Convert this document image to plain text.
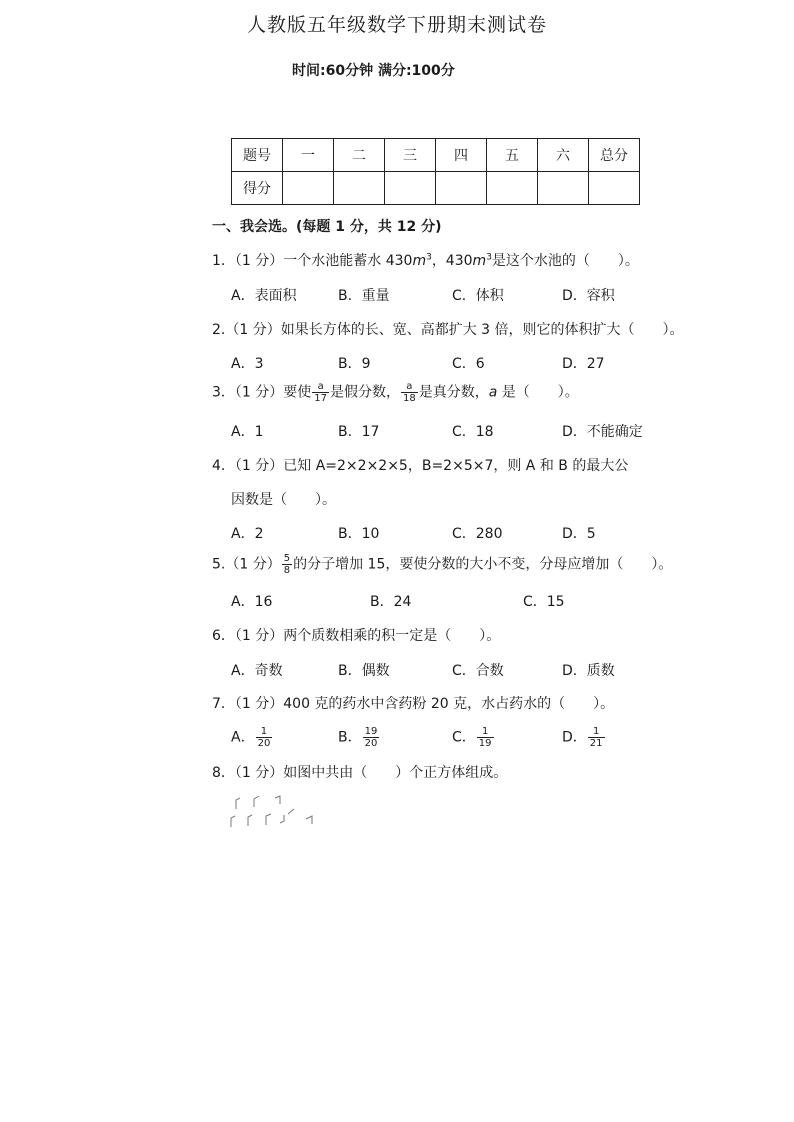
人教版五年级数学下册期末测试卷
时间:60分钟 满分:100分
题号	一	二	三	四	五	六	总分
得分							
一、我会选。(每题 1 分，共 12 分)
1．（1 分）一个水池能蓄水 $430m^3$，$430m^3$是这个水池的（　　）。
A．表面积	B．重量	C．体积	D．容积
2.（1 分）如果长方体的长、宽、高都扩大 3 倍，则它的体积扩大（　　）。
A．3	B．9	C．6	D．27
3．（1 分）要使 $\frac{a}{17}$ 是假分数， $\frac{a}{18}$ 是真分数，a 是（　　）。
A．1	B．17	C．18	D．不能确定
4．（1 分）已知 A=2×2×2×5，B=2×5×7，则 A 和 B 的最大公
因数是（　　）。
A．2	B．10	C．280	D．5
5.（1 分） $\frac{5}{8}$ 的分子增加 15，要使分数的大小不变，分母应增加（　　）。
A．16	B．24	C．15
6．（1 分）两个质数相乘的积一定是（　　）。
A．奇数	B．偶数	C．合数	D．质数
7．（1 分）400 克的药水中含药粉 20 克，水占药水的（　　）。
A． $\frac{1}{20}$	B． $\frac{19}{20}$	C． $\frac{1}{19}$	D． $\frac{1}{21}$
8．（1 分）如图中共由（　　）个正方体组成。
